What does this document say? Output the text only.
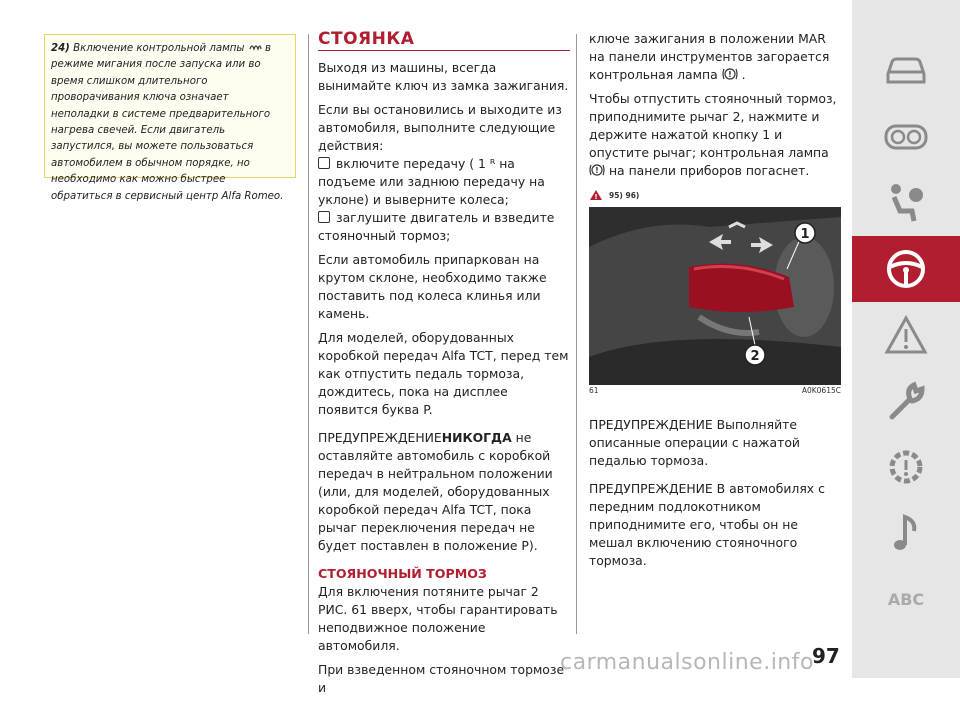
24) Включение контрольной лампы  в режиме мигания после запуска или во время слишком длительного проворачивания ключа означает неполадки в системе предварительного нагрева свечей. Если двигатель запустился, вы можете пользоваться автомобилем в обычном порядке, но необходимо как можно быстрее обратиться в сервисный центр Alfa Romeo.
СТОЯНКА

Выходя из машины, всегда вынимайте ключ из замка зажигания.

Если вы остановились и выходите из автомобиля, выполните следующие действия:

включите передачу ( 1 ᴿ на подъеме или заднюю передачу на уклоне) и выверните колеса;

заглушите двигатель и взведите стояночный тормоз;

Если автомобиль припаркован на крутом склоне, необходимо также поставить под колеса клинья или камень.

Для моделей, оборудованных коробкой передач Alfa TCT, перед тем как отпустить педаль тормоза, дождитесь, пока на дисплее появится буква P.

ПРЕДУПРЕЖДЕНИЕНИКОГДА не оставляйте автомобиль с коробкой передач в нейтральном положении (или, для моделей, оборудованных коробкой передач Alfa TCT, пока рычаг переключения передач не будет поставлен в положение P).

СТОЯНОЧНЫЙ ТОРМОЗ

Для включения потяните рычаг 2 РИС. 61 вверх, чтобы гарантировать неподвижное положение автомобиля.

При взведенном стояночном тормозе и

ключе зажигания в положении MAR на панели инструментов загорается контрольная лампа ! .

Чтобы отпустить стояночный тормоз, приподнимите рычаг 2, нажмите и держите нажатой кнопку 1 и опустите рычаг; контрольная лампа
! на панели приборов погаснет.

! 95) 96)

1
2
61	A0K0615C

ПРЕДУПРЕЖДЕНИЕ Выполняйте описанные операции с нажатой педалью тормоза.

ПРЕДУПРЕЖДЕНИЕ В автомобилях с передним подлокотником приподнимите его, чтобы он не мешал включению стояночного тормоза.

ABC
carmanualsonline.info
97
